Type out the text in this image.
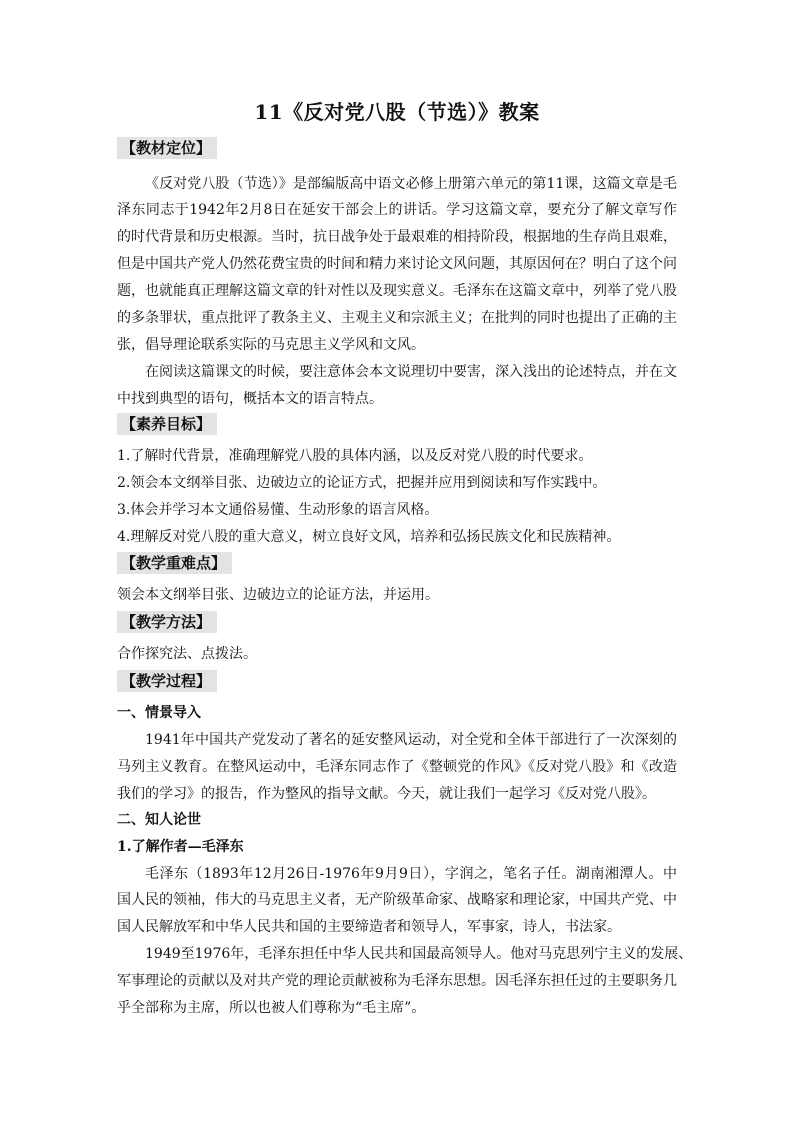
11《反对党八股（节选）》教案
【教材定位】
《反对党八股（节选）》是部编版高中语文必修上册第六单元的第11课，这篇文章是毛
泽东同志于1942年2月8日在延安干部会上的讲话。学习这篇文章，要充分了解文章写作
的时代背景和历史根源。当时，抗日战争处于最艰难的相持阶段，根据地的生存尚且艰难，
但是中国共产党人仍然花费宝贵的时间和精力来讨论文风问题，其原因何在？明白了这个问
题，也就能真正理解这篇文章的针对性以及现实意义。毛泽东在这篇文章中，列举了党八股
的多条罪状，重点批评了教条主义、主观主义和宗派主义；在批判的同时也提出了正确的主
张，倡导理论联系实际的马克思主义学风和文风。
在阅读这篇课文的时候，要注意体会本文说理切中要害，深入浅出的论述特点，并在文
中找到典型的语句，概括本文的语言特点。
【素养目标】
1.了解时代背景，准确理解党八股的具体内涵，以及反对党八股的时代要求。
2.领会本文纲举目张、边破边立的论证方式，把握并应用到阅读和写作实践中。
3.体会并学习本文通俗易懂、生动形象的语言风格。
4.理解反对党八股的重大意义，树立良好文风，培养和弘扬民族文化和民族精神。
【教学重难点】
领会本文纲举目张、边破边立的论证方法，并运用。
【教学方法】
合作探究法、点拨法。
【教学过程】
一、情景导入
1941年中国共产党发动了著名的延安整风运动，对全党和全体干部进行了一次深刻的
马列主义教育。在整风运动中，毛泽东同志作了《整顿党的作风》《反对党八股》和《改造
我们的学习》的报告，作为整风的指导文献。今天，就让我们一起学习《反对党八股》。
二、知人论世
1.了解作者—毛泽东
毛泽东（1893年12月26日-1976年9月9日），字润之，笔名子任。湖南湘潭人。中
国人民的领袖，伟大的马克思主义者，无产阶级革命家、战略家和理论家，中国共产党、中
国人民解放军和中华人民共和国的主要缔造者和领导人，军事家，诗人，书法家。
1949至1976年，毛泽东担任中华人民共和国最高领导人。他对马克思列宁主义的发展、
军事理论的贡献以及对共产党的理论贡献被称为毛泽东思想。因毛泽东担任过的主要职务几
乎全部称为主席，所以也被人们尊称为“毛主席”。
